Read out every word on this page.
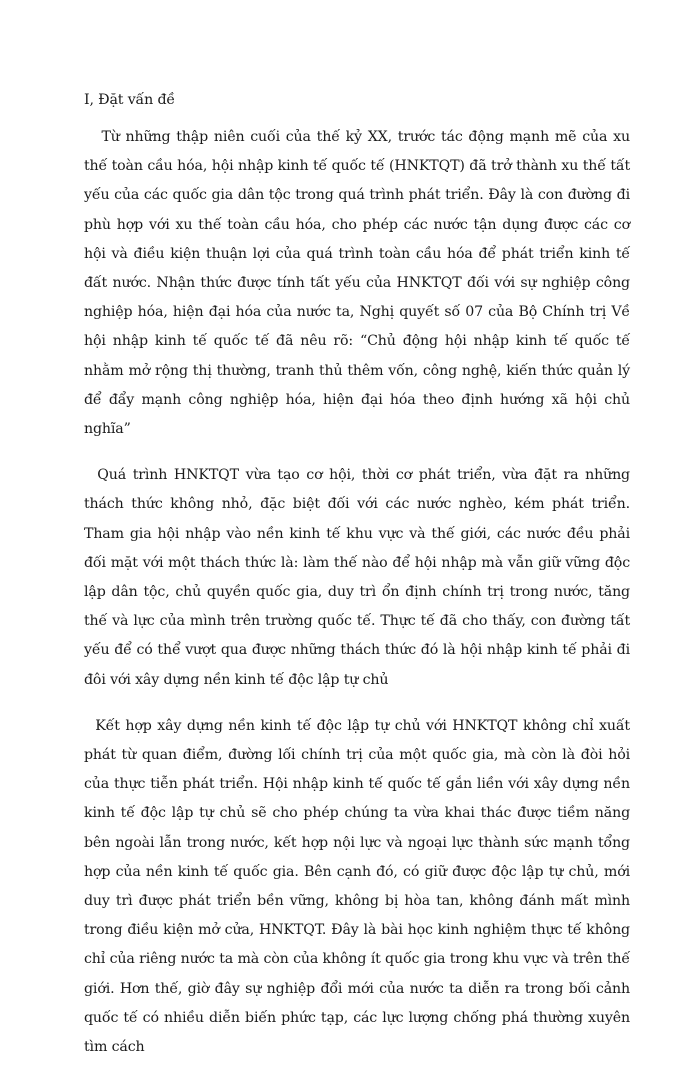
I, Đặt vấn đề

Từ những thập niên cuối của thế kỷ XX, trước tác động mạnh mẽ của xu thế toàn cầu hóa, hội nhập kinh tế quốc tế (HNKTQT) đã trở thành xu thế tất yếu của các quốc gia dân tộc trong quá trình phát triển. Đây là con đường đi phù hợp với xu thế toàn cầu hóa, cho phép các nước tận dụng được các cơ hội và điều kiện thuận lợi của quá trình toàn cầu hóa để phát triển kinh tế đất nước. Nhận thức được tính tất yếu của HNKTQT đối với sự nghiệp công nghiệp hóa, hiện đại hóa của nước ta, Nghị quyết số 07 của Bộ Chính trị Về hội nhập kinh tế quốc tế đã nêu rõ: “Chủ động hội nhập kinh tế quốc tế nhằm mở rộng thị thường, tranh thủ thêm vốn, công nghệ, kiến thức quản lý để đẩy mạnh công nghiệp hóa, hiện đại hóa theo định hướng xã hội chủ nghĩa”

Quá trình HNKTQT vừa tạo cơ hội, thời cơ phát triển, vừa đặt ra những thách thức không nhỏ, đặc biệt đối với các nước nghèo, kém phát triển. Tham gia hội nhập vào nền kinh tế khu vực và thế giới, các nước đều phải đối mặt với một thách thức là: làm thế nào để hội nhập mà vẫn giữ vững độc lập dân tộc, chủ quyền quốc gia, duy trì ổn định chính trị trong nước, tăng thế và lực của mình trên trường quốc tế. Thực tế đã cho thấy, con đường tất yếu để có thể vượt qua được những thách thức đó là hội nhập kinh tế phải đi đôi với xây dựng nền kinh tế độc lập tự chủ

Kết hợp xây dựng nền kinh tế độc lập tự chủ với HNKTQT không chỉ xuất phát từ quan điểm, đường lối chính trị của một quốc gia, mà còn là đòi hỏi của thực tiễn phát triển. Hội nhập kinh tế quốc tế gắn liền với xây dựng nền kinh tế độc lập tự chủ sẽ cho phép chúng ta vừa khai thác được tiềm năng bên ngoài lẫn trong nước, kết hợp nội lực và ngoại lực thành sức mạnh tổng hợp của nền kinh tế quốc gia. Bên cạnh đó, có giữ được độc lập tự chủ, mới duy trì được phát triển bền vững, không bị hòa tan, không đánh mất mình trong điều kiện mở cửa, HNKTQT. Đây là bài học kinh nghiệm thực tế không chỉ của riêng nước ta mà còn của không ít quốc gia trong khu vực và trên thế giới. Hơn thế, giờ đây sự nghiệp đổi mới của nước ta diễn ra trong bối cảnh quốc tế có nhiều diễn biến phức tạp, các lực lượng chống phá thường xuyên tìm cách
